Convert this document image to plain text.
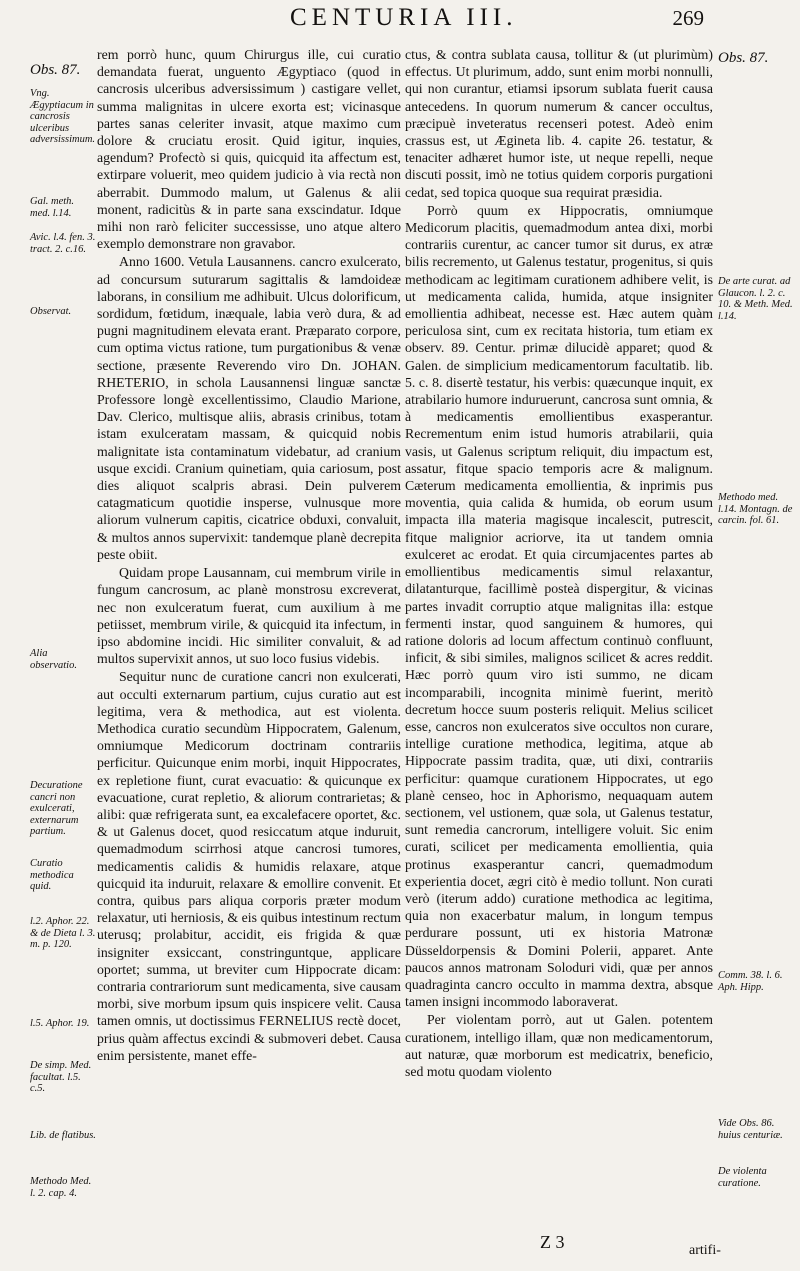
CENTURIA III.	269
Obs. 87.
Vng. Ægyptiacum in cancrosis ulceribus adversissimum.
Gal. meth. med. l.14.
Avic. l.4. fen. 3. tract. 2. c.16.
Observat.
Alia observatio.
Decuratione cancri non exulcerati, externarum partium.
Curatio methodica quid.
l.2. Aphor. 22. & de Dieta l. 3. m. p. 120.
l.5. Aphor. 19.
De simp. Med. facultat. l.5. c.5.
Lib. de flatibus.
Methodo Med. l. 2. cap. 4.
Obs. 87.
De arte curat. ad Glaucon. l. 2. c. 10. & Meth. Med. l.14.
Methodo med. l.14. Montagn. de carcin. fol. 61.
Comm. 38. l. 6. Aph. Hipp.
Vide Obs. 86. huius centuriæ.
De violenta curatione.

rem porrò hunc, quum Chirurgus ille, cui curatio demandata fuerat, unguento Ægyptiaco (quod in cancrosis ulceribus adversissimum ) castigare vellet, summa malignitas in ulcere exorta est; vicinasque partes sanas celeriter invasit, atque maximo cum dolore & cruciatu erosit. Quid igitur, inquies, agendum? Profectò si quis, quicquid ita affectum est, extirpare voluerit, meo quidem judicio à via rectà non aberrabit. Dummodo malum, ut Galenus & alii monent, radicitùs & in parte sana exscindatur. Idque mihi non rarò feliciter successisse, uno atque altero exemplo demonstrare non gravabor.

Anno 1600. Vetula Lausannens. cancro exulcerato, ad concursum suturarum sagittalis & lamdoideæ laborans, in consilium me adhibuit. Ulcus dolorificum, sordidum, fœtidum, inæquale, labia verò dura, & ad pugni magnitudinem elevata erant. Præparato corpore, cum optima victus ratione, tum purgationibus & venæ sectione, præsente Reverendo viro Dn. JOHAN. RHETERIO, in schola Lausannensi linguæ sanctæ Professore longè excellentissimo, Claudio Marione, Dav. Clerico, multisque aliis, abrasis crinibus, totam istam exulceratam massam, & quicquid nobis malignitate ista contaminatum videbatur, ad cranium usque excidi. Cranium quinetiam, quia cariosum, post dies aliquot scalpris abrasi. Dein pulverem catagmaticum quotidie insperse, vulnusque more aliorum vulnerum capitis, cicatrice obduxi, convaluit, & multos annos supervixit: tandemque planè decrepita peste obiit.

Quidam prope Lausannam, cui membrum virile in fungum cancrosum, ac planè monstrosu excreverat, nec non exulceratum fuerat, cum auxilium à me petiisset, membrum virile, & quicquid ita infectum, in ipso abdomine incidi. Hic similiter convaluit, & ad multos supervixit annos, ut suo loco fusius videbis.

Sequitur nunc de curatione cancri non exulcerati, aut occulti externarum partium, cujus curatio aut est legitima, vera & methodica, aut est violenta. Methodica curatio secundùm Hippocratem, Galenum, omniumque Medicorum doctrinam contrariis perficitur. Quicunque enim morbi, inquit Hippocrates, ex repletione fiunt, curat evacuatio: & quicunque ex evacuatione, curat repletio, & aliorum contrarietas; & alibi: quæ refrigerata sunt, ea excalefacere oportet, &c. & ut Galenus docet, quod resiccatum atque induruit, quemadmodum scirrhosi atque cancrosi tumores, medicamentis calidis & humidis relaxare, atque quicquid ita induruit, relaxare & emollire convenit. Et contra, quibus pars aliqua corporis præter modum relaxatur, uti herniosis, & eis quibus intestinum rectum uterusq; prolabitur, accidit, eis frigida & quæ insigniter exsiccant, constringuntque, applicare oportet; summa, ut breviter cum Hippocrate dicam: contraria contrariorum sunt medicamenta, sive causam morbi, sive morbum ipsum quis inspicere velit. Causa tamen omnis, ut doctissimus FERNELIUS rectè docet, prius quàm affectus excindi & submoveri debet. Causa enim persistente, manet effe-

ctus, & contra sublata causa, tollitur & (ut plurimùm) effectus. Ut plurimum, addo, sunt enim morbi nonnulli, qui non curantur, etiamsi ipsorum sublata fuerit causa antecedens. In quorum numerum & cancer occultus, præcipuè inveteratus recenseri potest. Adeò enim crassus est, ut Ægineta lib. 4. capite 26. testatur, & tenaciter adhæret humor iste, ut neque repelli, neque discuti possit, imò ne totius quidem corporis purgationi cedat, sed topica quoque sua requirat præsidia.

Porrò quum ex Hippocratis, omniumque Medicorum placitis, quemadmodum antea dixi, morbi contrariis curentur, ac cancer tumor sit durus, ex atræ bilis recremento, ut Galenus testatur, progenitus, si quis methodicam ac legitimam curationem adhibere velit, is ut medicamenta calida, humida, atque insigniter emollientia adhibeat, necesse est. Hæc autem quàm periculosa sint, cum ex recitata historia, tum etiam ex observ. 89. Centur. primæ dilucidè apparet; quod & Galen. de simplicium medicamentorum facultatib. lib. 5. c. 8. disertè testatur, his verbis: quæcunque inquit, ex atrabilario humore induruerunt, cancrosa sunt omnia, & à medicamentis emollientibus exasperantur. Recrementum enim istud humoris atrabilarii, quia vasis, ut Galenus scriptum reliquit, diu impactum est, assatur, fitque spacio temporis acre & malignum. Cæterum medicamenta emollientia, & inprimis pus moventia, quia calida & humida, ob eorum usum impacta illa materia magisque incalescit, putrescit, fitque malignior acriorve, ita ut tandem omnia exulceret ac erodat. Et quia circumjacentes partes ab emollientibus medicamentis simul relaxantur, dilatanturque, facillimè posteà dispergitur, & vicinas partes invadit corruptio atque malignitas illa: estque fermenti instar, quod sanguinem & humores, qui ratione doloris ad locum affectum continuò confluunt, inficit, & sibi similes, malignos scilicet & acres reddit. Hæc porrò quum viro isti summo, ne dicam incomparabili, incognita minimè fuerint, meritò decretum hocce suum posteris reliquit. Melius scilicet esse, cancros non exulceratos sive occultos non curare, intellige curatione methodica, legitima, atque ab Hippocrate passim tradita, quæ, uti dixi, contrariis perficitur: quamque curationem Hippocrates, ut ego planè censeo, hoc in Aphorismo, nequaquam autem sectionem, vel ustionem, quæ sola, ut Galenus testatur, sunt remedia cancrorum, intelligere voluit. Sic enim curati, scilicet per medicamenta emollientia, quia protinus exasperantur cancri, quemadmodum experientia docet, ægri citò è medio tollunt. Non curati verò (iterum addo) curatione methodica ac legitima, quia non exacerbatur malum, in longum tempus perdurare possunt, uti ex historia Matronæ Düsseldorpensis & Domini Polerii, apparet. Ante paucos annos matronam Soloduri vidi, quæ per annos quadraginta cancro occulto in mamma dextra, absque tamen insigni incommodo laboraverat.

Per violentam porrò, aut ut Galen. potentem curationem, intelligo illam, quæ non medicamentorum, aut naturæ, quæ morborum est medicatrix, beneficio, sed motu quodam violento

Z 3	artifi-
